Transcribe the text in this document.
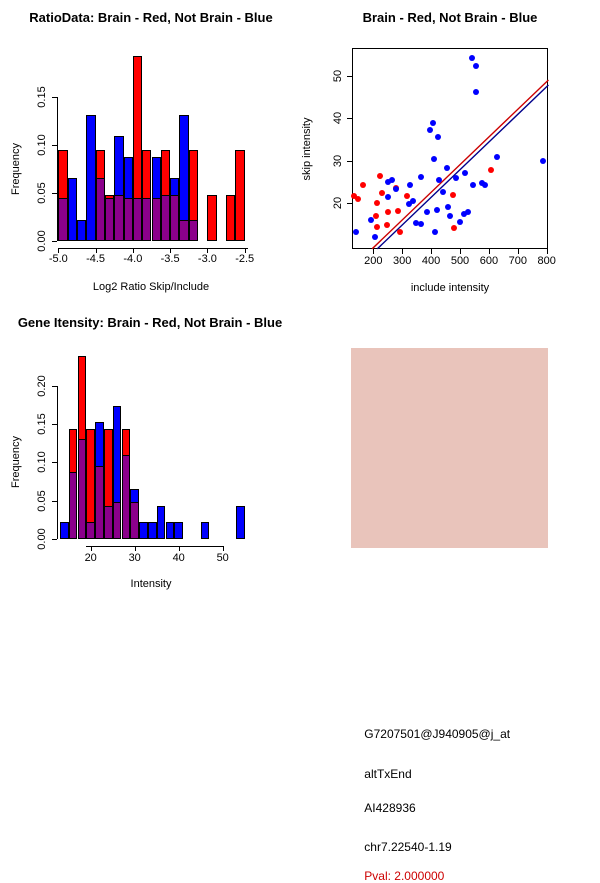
RatioData: Brain - Red, Not Brain - Blue
Log2 Ratio Skip/Include
Frequency
-5.0 -4.5 -4.0 -3.5 -3.0 -2.5
0.00
0.05
0.10
0.15
Brain - Red, Not Brain - Blue
include intensity
skip intensity
200 300 400 500 600 700 800
20
30
40
50
Gene Itensity: Brain - Red, Not Brain - Blue
Intensity
Frequency
20	30	40	50
0.00
0.05
0.10
0.15
0.20
G7207501@J940905@j_at
altTxEnd
AI428936
chr7.22540-1.19
Pval: 2.000000
